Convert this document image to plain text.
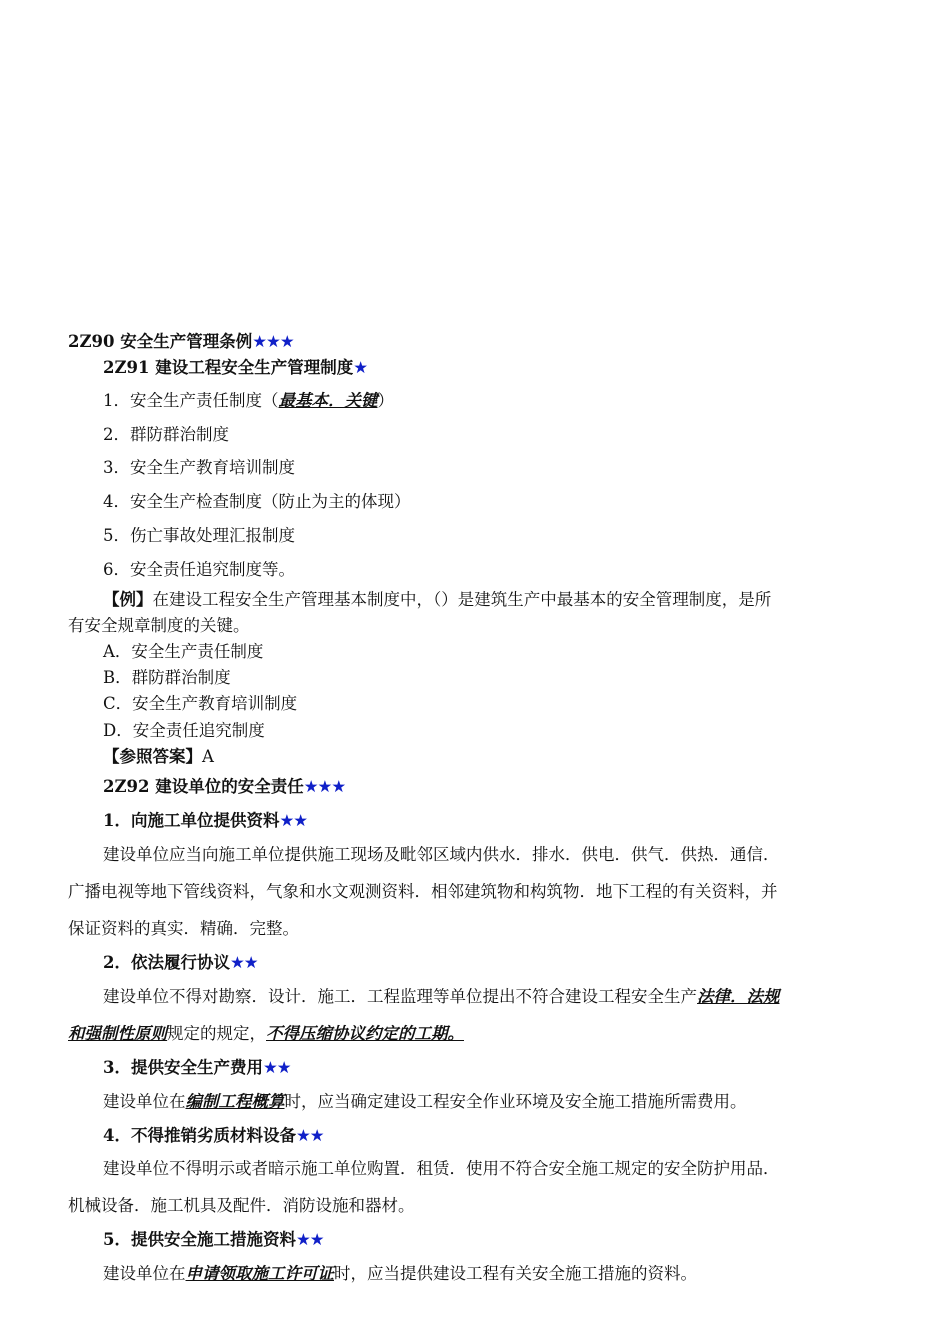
2Z90 安全生产管理条例★★★
2Z91 建设工程安全生产管理制度★
1．安全生产责任制度（最基本．关键）
2．群防群治制度
3．安全生产教育培训制度
4．安全生产检查制度（防止为主的体现）
5．伤亡事故处理汇报制度
6．安全责任追究制度等。
【例】在建设工程安全生产管理基本制度中，（）是建筑生产中最基本的安全管理制度，是所
有安全规章制度的关键。
A．安全生产责任制度
B．群防群治制度
C．安全生产教育培训制度
D．安全责任追究制度
【参照答案】A
2Z92 建设单位的安全责任★★★
1．向施工单位提供资料★★
建设单位应当向施工单位提供施工现场及毗邻区域内供水．排水．供电．供气．供热．通信．
广播电视等地下管线资料，气象和水文观测资料．相邻建筑物和构筑物．地下工程的有关资料，并
保证资料的真实．精确．完整。
2．依法履行协议★★
建设单位不得对勘察．设计．施工．工程监理等单位提出不符合建设工程安全生产法律．法规
和强制性原则规定的规定，不得压缩协议约定的工期。
3．提供安全生产费用★★
建设单位在编制工程概算时，应当确定建设工程安全作业环境及安全施工措施所需费用。
4．不得推销劣质材料设备★★
建设单位不得明示或者暗示施工单位购置．租赁．使用不符合安全施工规定的安全防护用品．
机械设备．施工机具及配件．消防设施和器材。
5．提供安全施工措施资料★★
建设单位在申请领取施工许可证时，应当提供建设工程有关安全施工措施的资料。
